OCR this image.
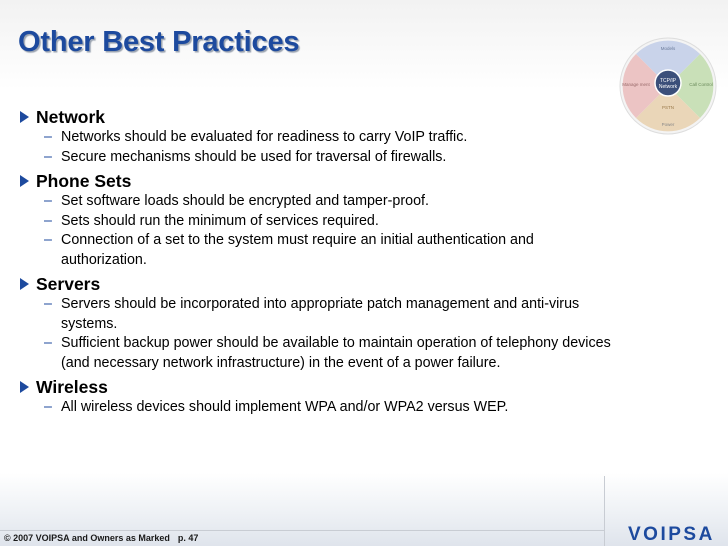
Other Best Practices
TCP/IP
Network
Models
Manage ment	Call Control
PSTN
Power
Network
– Networks should be evaluated for readiness to carry VoIP traffic.
– Secure mechanisms should be used for traversal of firewalls.
Phone Sets
– Set software loads should be encrypted and tamper-proof.
– Sets should run the minimum of services required.
– Connection of a set to the system must require an initial authentication and authorization.
Servers
– Servers should be incorporated into appropriate patch management and anti-virus systems.
– Sufficient backup power should be available to maintain operation of telephony devices (and necessary network infrastructure) in the event of a power failure.
Wireless
– All wireless devices should implement WPA and/or WPA2 versus WEP.
© 2007 VOIPSA and Owners as Marked p. 47	VOIPSA
